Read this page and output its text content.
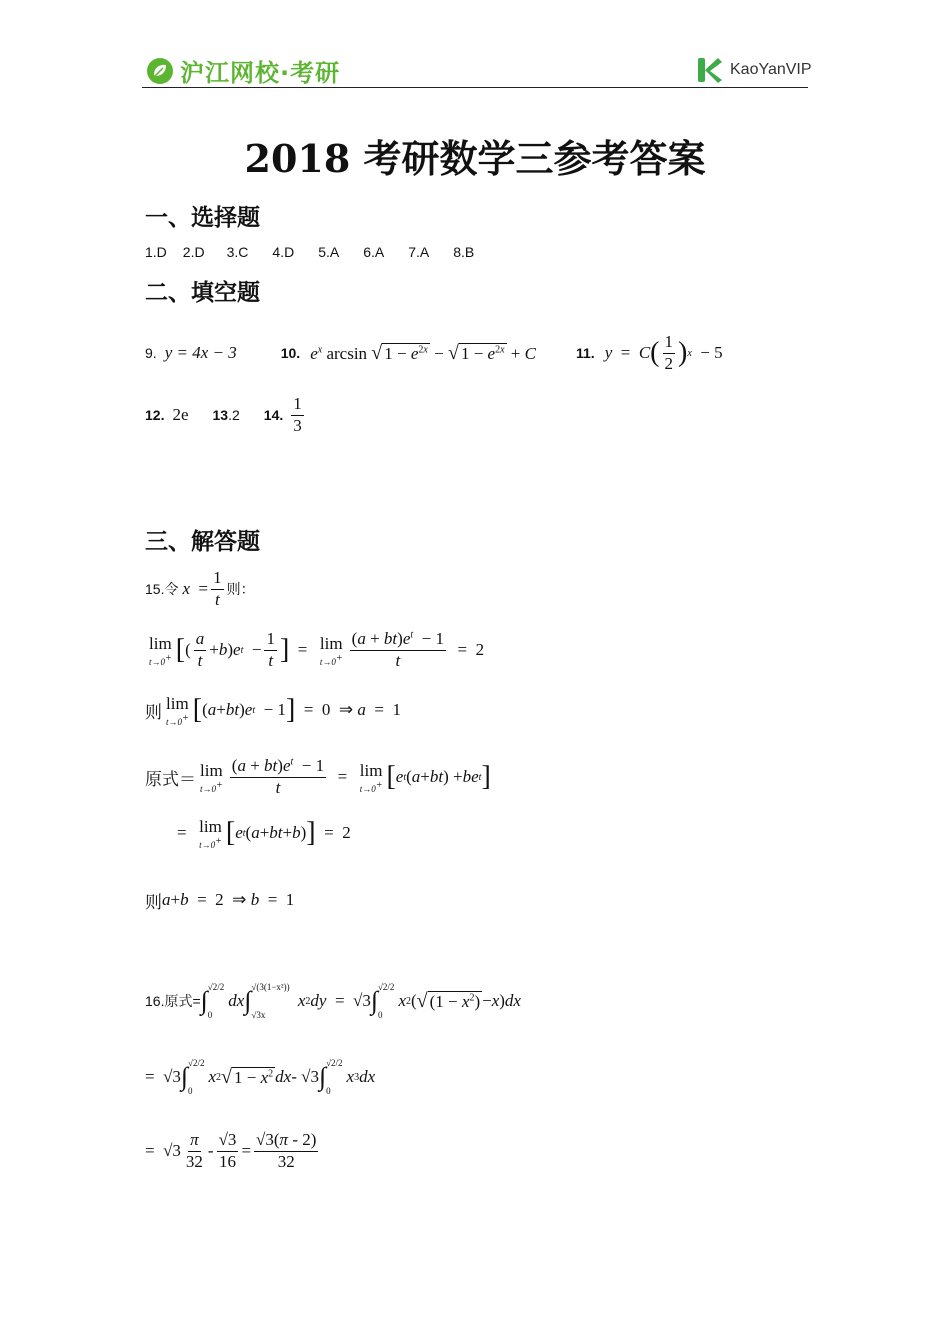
沪江网校·考研	KaoYanVIP
2018 考研数学三参考答案
一、选择题
1.D 2.D 3.C 4.D 5.A 6.A 7.A 8.B
二、填空题
9. y = 4x − 3	10. $e^x$ arcsin √ $1 - e^{2x}$ − √ $1 - e^{2x} + C$	11. y = C ( $\frac{1}{2}$ ) x − 5
12 . 2e 13 .2 14 . $\frac{1}{3}$
三、解答题
15.令 $x = \frac{1}{t}$ 则：
lim
t→0+ [ ( $\frac{a}{t} + b$ ) e $t - \frac{1}{t}$ ] = lim
$t\to 0^+ \frac{(a + bt)e^t - 1}{t} = 2$
则 lim
t→0+ [ ( a + bt ) e t − 1 ] =  0  ⇒ a =  1
原式＝ lim
$t\to 0^+ \frac{(a + bt)e^t - 1}{t} = \lim$
t→0+ [ e t ( a + bt ) + be t ]
= lim
t→0+ [ e t ( a + bt + b ) ] =  2
则 a + b =  2  ⇒ b =  1
16.原式= ∫ √2/2
0
dx ∫ √(3(1−x²))
√3x

x 2 dy =  √3 ∫ √2/2
0
x 2 ( √ $(1 - x^2) - x$ ) dx
=  √3 ∫ √2/2
0
x 2 √ $1 - x^2$ dx - √3 ∫ √2/2
0
x 3 dx
=  $√3 \frac{\pi}{32} - \frac{√3}{16} = \frac{√3(\pi - 2)}{32}$
